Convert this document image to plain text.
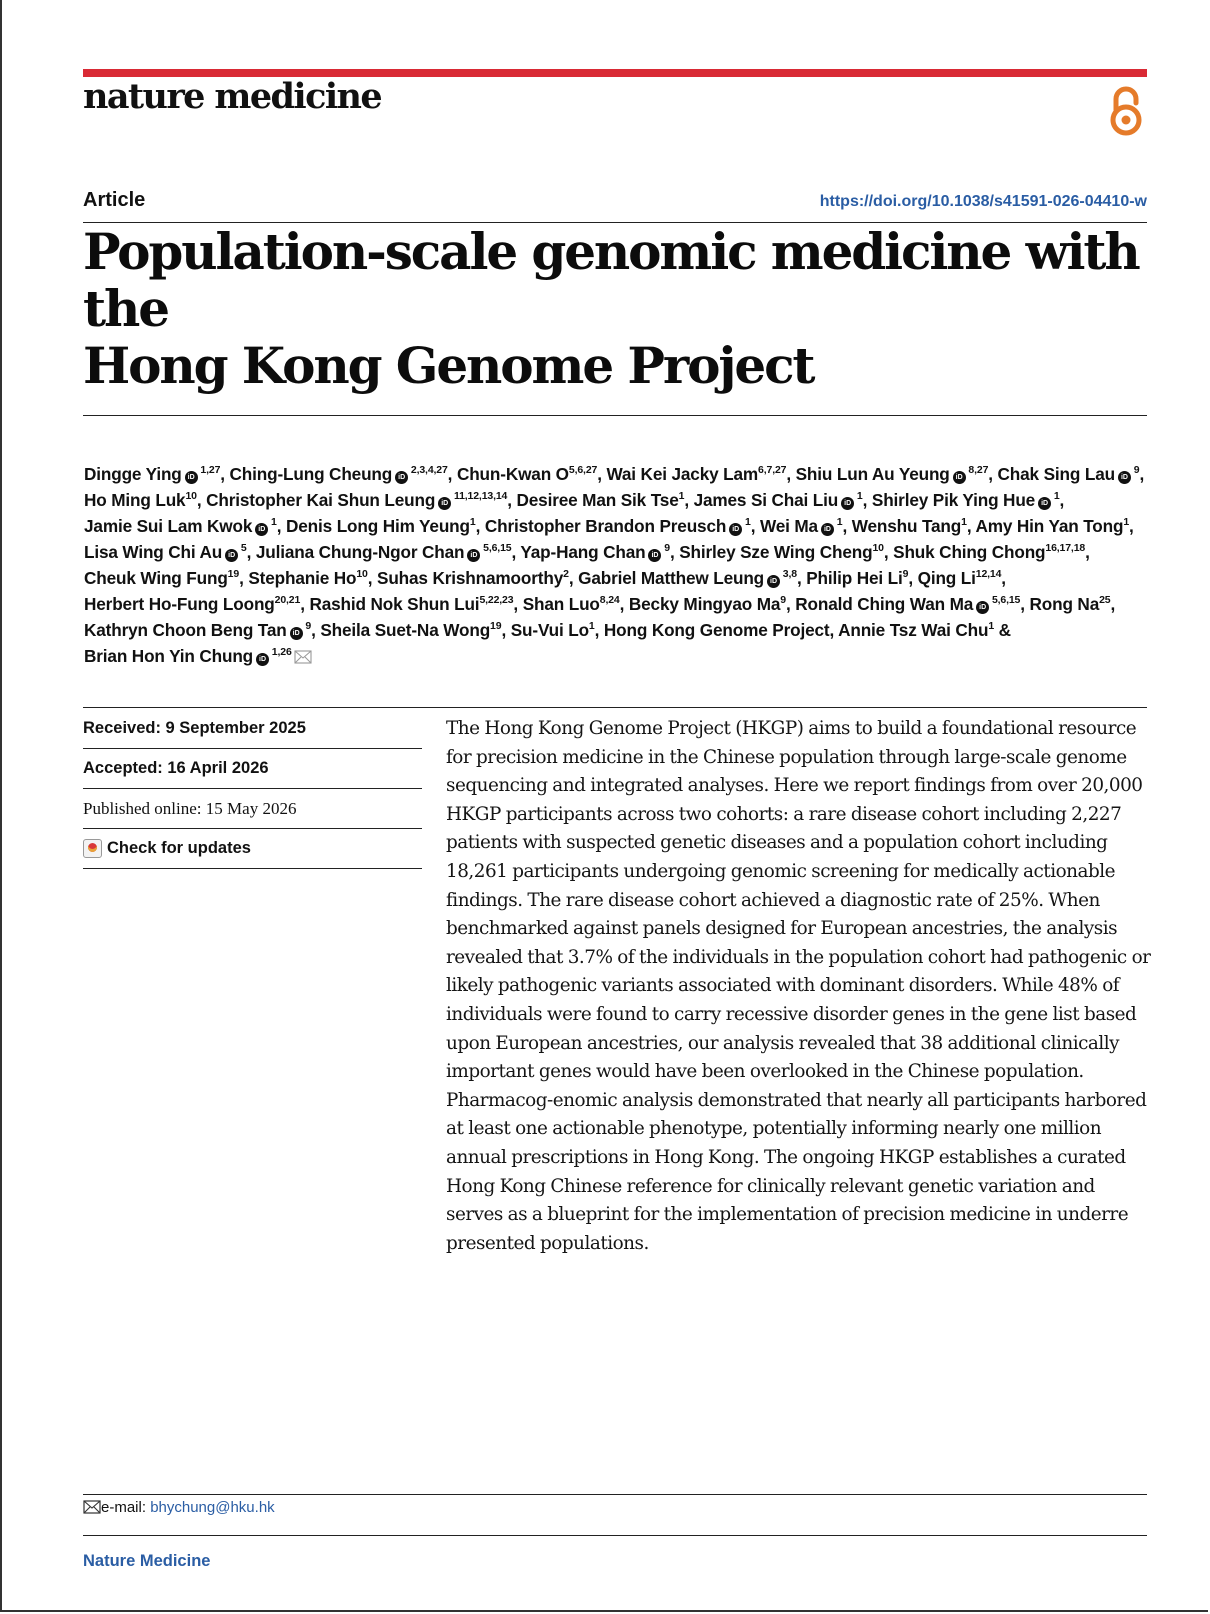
nature medicine
Article	https://doi.org/10.1038/s41591-026-04410-w
Population-scale genomic medicine with the
Hong Kong Genome Project
Dingge Ying iD $^{1,27}$, Ching-Lung Cheung iD $^{2,3,4,27}$, Chun-Kwan O$^{5,6,27}$, Wai Kei Jacky Lam$^{6,7,27}$, Shiu Lun Au Yeung iD $^{8,27}$, Chak Sing Lau iD $^9$, Ho Ming Luk$^{10}$, Christopher Kai Shun Leung iD $^{11,12,13,14}$, Desiree Man Sik Tse$^1$, James Si Chai Liu iD $^1$, Shirley Pik Ying Hue iD $^1$, Jamie Sui Lam Kwok iD $^1$, Denis Long Him Yeung$^1$, Christopher Brandon Preusch iD $^1$, Wei Ma iD $^1$, Wenshu Tang$^1$, Amy Hin Yan Tong$^1$, Lisa Wing Chi Au iD $^5$, Juliana Chung-Ngor Chan iD $^{5,6,15}$, Yap-Hang Chan iD $^9$, Shirley Sze Wing Cheng$^{10}$, Shuk Ching Chong$^{16,17,18}$, Cheuk Wing Fung$^{19}$, Stephanie Ho$^{10}$, Suhas Krishnamoorthy$^2$, Gabriel Matthew Leung iD $^{3,8}$, Philip Hei Li$^9$, Qing Li$^{12,14}$, Herbert Ho-Fung Loong$^{20,21}$, Rashid Nok Shun Lui$^{5,22,23}$, Shan Luo$^{8,24}$, Becky Mingyao Ma$^9$, Ronald Ching Wan Ma iD $^{5,6,15}$, Rong Na$^{25}$, Kathryn Choon Beng Tan iD $^9$, Sheila Suet-Na Wong$^{19}$, Su-Vui Lo$^1$, Hong Kong Genome Project, Annie Tsz Wai Chu$^1$ & Brian Hon Yin Chung iD $^{1,26}$
Received: 9 September 2025
Accepted: 16 April 2026
Published online: 15 May 2026
Check for updates

The Hong Kong Genome Project (HKGP) aims to build a foundational resource for precision medicine in the Chinese population through large-scale genome sequencing and integrated analyses. Here we report findings from over 20,000 HKGP participants across two cohorts: a rare disease cohort including 2,227 patients with suspected genetic diseases and a population cohort including 18,261 participants undergoing genomic screening for medically actionable findings. The rare disease cohort achieved a diagnostic rate of 25%. When benchmarked against panels designed for European ancestries, the analysis revealed that 3.7% of the individuals in the population cohort had pathogenic or likely pathogenic variants associated with dominant disorders. While 48% of individuals were found to carry recessive disorder genes in the gene list based upon European ancestries, our analysis revealed that 38 additional clinically important genes would have been overlooked in the Chinese population. Pharmacog-enomic analysis demonstrated that nearly all participants harbored at least one actionable phenotype, potentially informing nearly one million annual prescriptions in Hong Kong. The ongoing HKGP establishes a curated Hong Kong Chinese reference for clinically relevant genetic variation and serves as a blueprint for the implementation of precision medicine in underre presented populations.

e-mail: bhychung@hku.hk
Nature Medicine
